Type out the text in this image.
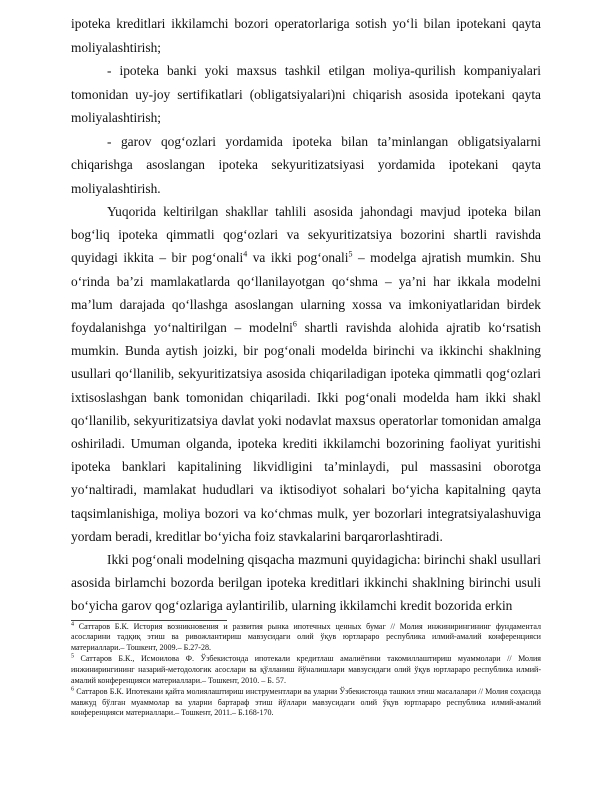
ipoteka kreditlari ikkilamchi bozori operatorlariga sotish yo‘li bilan ipotekani qayta moliyalashtirish;

- ipoteka banki yoki maxsus tashkil etilgan moliya-qurilish kompaniyalari tomonidan uy-joy sertifikatlari (obligatsiyalari)ni chiqarish asosida ipotekani qayta moliyalashtirish;

- garov qog‘ozlari yordamida ipoteka bilan ta’minlangan obligatsiyalarni chiqarishga asoslangan ipoteka sekyuritizatsiyasi yordamida ipotekani qayta moliyalashtirish.

Yuqorida keltirilgan shakllar tahlili asosida jahondagi mavjud ipoteka bilan bog‘liq ipoteka qimmatli qog‘ozlari va sekyuritizatsiya bozorini shartli ravishda quyidagi ikkita – bir pog‘onali$^4$ va ikki pog‘onali$^5$ – modelga ajratish mumkin. Shu o‘rinda ba’zi mamlakatlarda qo‘llanilayotgan qo‘shma – ya’ni har ikkala modelni ma’lum darajada qo‘llashga asoslangan ularning xossa va imkoniyatlaridan birdek foydalanishga yo‘naltirilgan – modelni$^6$ shartli ravishda alohida ajratib ko‘rsatish mumkin. Bunda aytish joizki, bir pog‘onali modelda birinchi va ikkinchi shaklning usullari qo‘llanilib, sekyuritizatsiya asosida chiqariladigan ipoteka qimmatli qog‘ozlari ixtisoslashgan bank tomonidan chiqariladi. Ikki pog‘onali modelda ham ikki shakl qo‘llanilib, sekyuritizatsiya davlat yoki nodavlat maxsus operatorlar tomonidan amalga oshiriladi. Umuman olganda, ipoteka krediti ikkilamchi bozorining faoliyat yuritishi ipoteka banklari kapitalining likvidligini ta’minlaydi, pul massasini oborotga yo‘naltiradi, mamlakat hududlari va iktisodiyot sohalari bo‘yicha kapitalning qayta taqsimlanishiga, moliya bozori va ko‘chmas mulk, yer bozorlari integratsiyalashuviga yordam beradi, kreditlar bo‘yicha foiz stavkalarini barqarorlashtiradi.

Ikki pog‘onali modelning qisqacha mazmuni quyidagicha: birinchi shakl usullari asosida birlamchi bozorda berilgan ipoteka kreditlari ikkinchi shaklning birinchi usuli bo‘yicha garov qog‘ozlariga aylantirilib, ularning ikkilamchi kredit bozorida erkin

$^4$ Саттаров Б.К. История возникновения и развития рынка ипотечных ценных бумаг // Молия инжинирингининг фундаментал асосларини тадқиқ этиш ва ривожлантириш мавзусидаги олий ўқув юртлараро республика илмий-амалий конференцияси материаллари.– Тошкент, 2009.– Б.27-28.

$^5$ Саттаров Б.К., Исмоилова Ф. Ўзбекистонда ипотекали кредитлаш амалиётини такомиллаштириш муаммолари // Молия инжинирингининг назарий-методологик асослари ва қўлланиш йўналишлари мавзусидаги олий ўқув юртлараро республика илмий-амалий конференцияси материаллари.– Тошкент, 2010. – Б. 57.

$^6$ Саттаров Б.К. Ипотекани қайта молиялаштириш инструментлари ва уларни Ўзбекистонда ташкил этиш масалалари // Молия соҳасида мавжуд бўлган муаммолар ва уларни бартараф этиш йўллари мавзусидаги олий ўқув юртлараро республика илмий-амалий конференцияси материаллари.– Тошкент, 2011.– Б.168-170.
